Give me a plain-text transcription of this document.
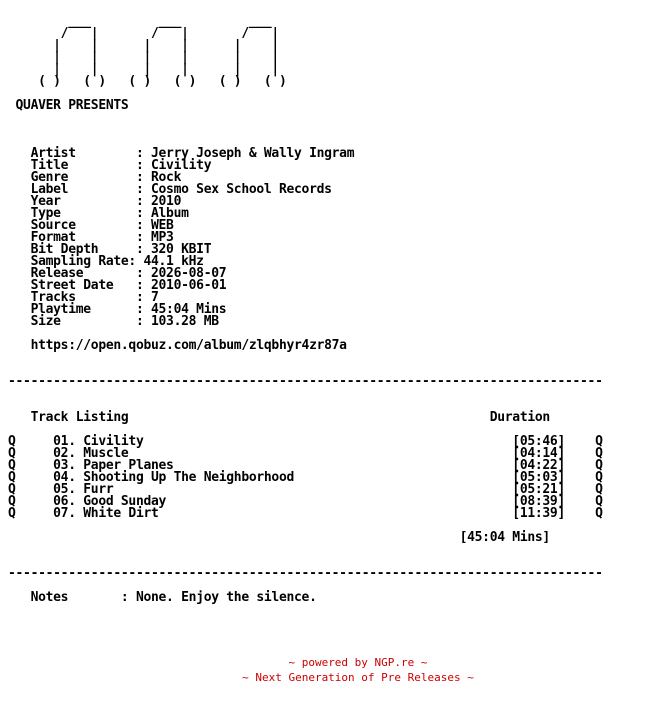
___         ___         ___
/   |       /   |       /   |
|    |      |    |      |    |
|    |      |    |      |    |
|    |      |    |      |    |
( )   ( )   ( )   ( )   ( )   ( )
QUAVER PRESENTS
Artist        : Jerry Joseph & Wally Ingram
Title         : Civility
Genre         : Rock
Label         : Cosmo Sex School Records
Year          : 2010
Type          : Album
Source        : WEB
Format        : MP3
Bit Depth     : 320 KBIT
Sampling Rate: 44.1 kHz
Release       : 2026-08-07
Street Date   : 2010-06-01
Tracks        : 7
Playtime      : 45:04 Mins
Size          : 103.28 MB
https://open.qobuz.com/album/zlqbhyr4zr87a
-------------------------------------------------------------------------------
Track Listing                                                Duration
Q     01. Civility                                                 [05:46]    Q
Q     02. Muscle                                                   [04:14]    Q
Q     03. Paper Planes                                             [04:22]    Q
Q     04. Shooting Up The Neighborhood                             [05:03]    Q
Q     05. Furr                                                     [05:21]    Q
Q     06. Good Sunday                                              [08:39]    Q
Q     07. White Dirt                                               [11:39]    Q
[45:04 Mins]
-------------------------------------------------------------------------------
Notes       : None. Enjoy the silence.
~ powered by NGP.re ~
~ Next Generation of Pre Releases ~
